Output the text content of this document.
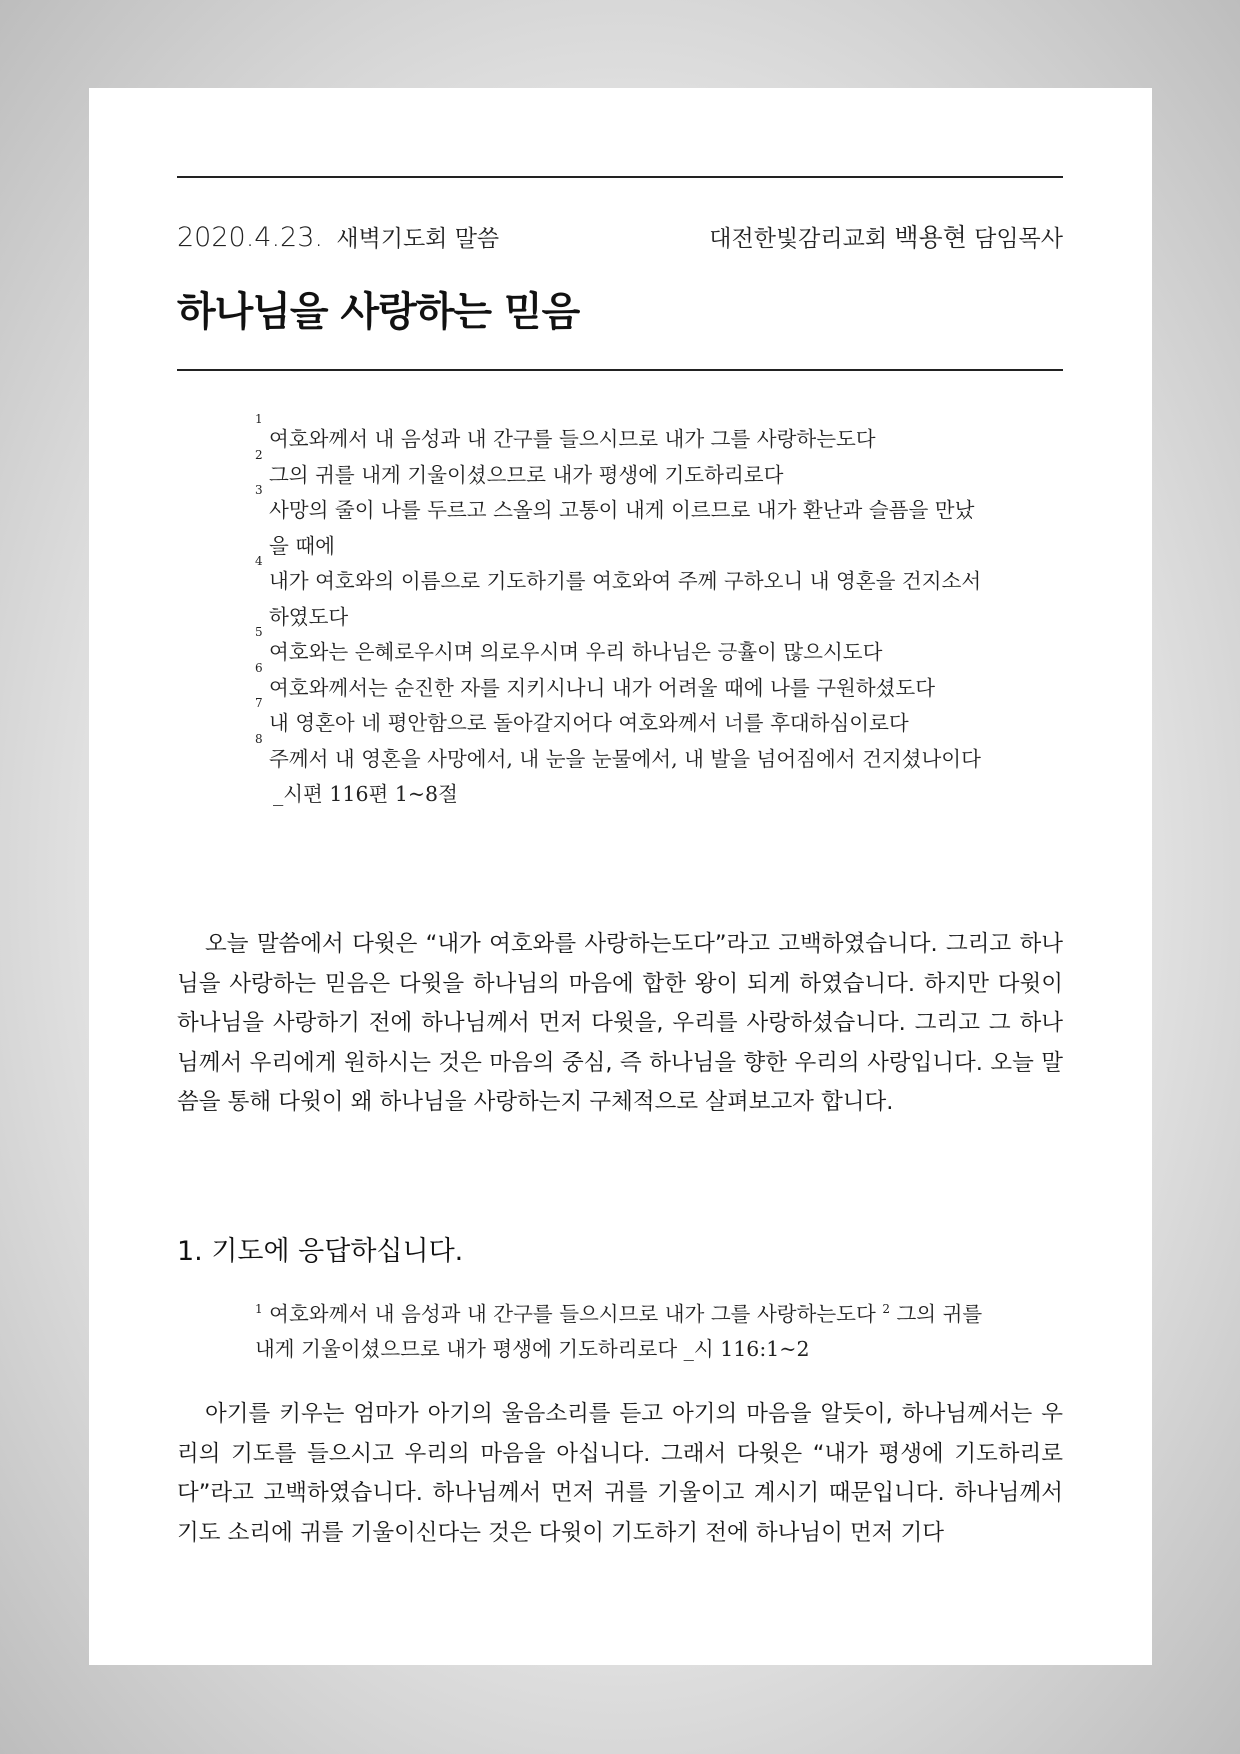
2020.4.23. 새벽기도회 말씀	대전한빛감리교회 백용현 담임목사
하나님을 사랑하는 믿음
1
여호와께서 내 음성과 내 간구를 들으시므로 내가 그를 사랑하는도다
2
그의 귀를 내게 기울이셨으므로 내가 평생에 기도하리로다
3
사망의 줄이 나를 두르고 스올의 고통이 내게 이르므로 내가 환난과 슬픔을 만났을 때에
4
내가 여호와의 이름으로 기도하기를 여호와여 주께 구하오니 내 영혼을 건지소서 하였도다
5
여호와는 은혜로우시며 의로우시며 우리 하나님은 긍휼이 많으시도다
6
여호와께서는 순진한 자를 지키시나니 내가 어려울 때에 나를 구원하셨도다
7
내 영혼아 네 평안함으로 돌아갈지어다 여호와께서 너를 후대하심이로다
8
주께서 내 영혼을 사망에서, 내 눈을 눈물에서, 내 발을 넘어짐에서 건지셨나이다
_시편 116편 1~8절

오늘 말씀에서 다윗은 “내가 여호와를 사랑하는도다”라고 고백하였습니다. 그리고 하나님을 사랑하는 믿음은 다윗을 하나님의 마음에 합한 왕이 되게 하였습니다. 하지만 다윗이 하나님을 사랑하기 전에 하나님께서 먼저 다윗을, 우리를 사랑하셨습니다. 그리고 그 하나님께서 우리에게 원하시는 것은 마음의 중심, 즉 하나님을 향한 우리의 사랑입니다. 오늘 말씀을 통해 다윗이 왜 하나님을 사랑하는지 구체적으로 살펴보고자 합니다.

1. 기도에 응답하십니다.
$^1$ 여호와께서 내 음성과 내 간구를 들으시므로 내가 그를 사랑하는도다 $^2$ 그의 귀를 내게 기울이셨으므로 내가 평생에 기도하리로다 _시 116:1~2

아기를 키우는 엄마가 아기의 울음소리를 듣고 아기의 마음을 알듯이, 하나님께서는 우리의 기도를 들으시고 우리의 마음을 아십니다. 그래서 다윗은 “내가 평생에 기도하리로다”라고 고백하였습니다. 하나님께서 먼저 귀를 기울이고 계시기 때문입니다. 하나님께서 기도 소리에 귀를 기울이신다는 것은 다윗이 기도하기 전에 하나님이 먼저 기다
